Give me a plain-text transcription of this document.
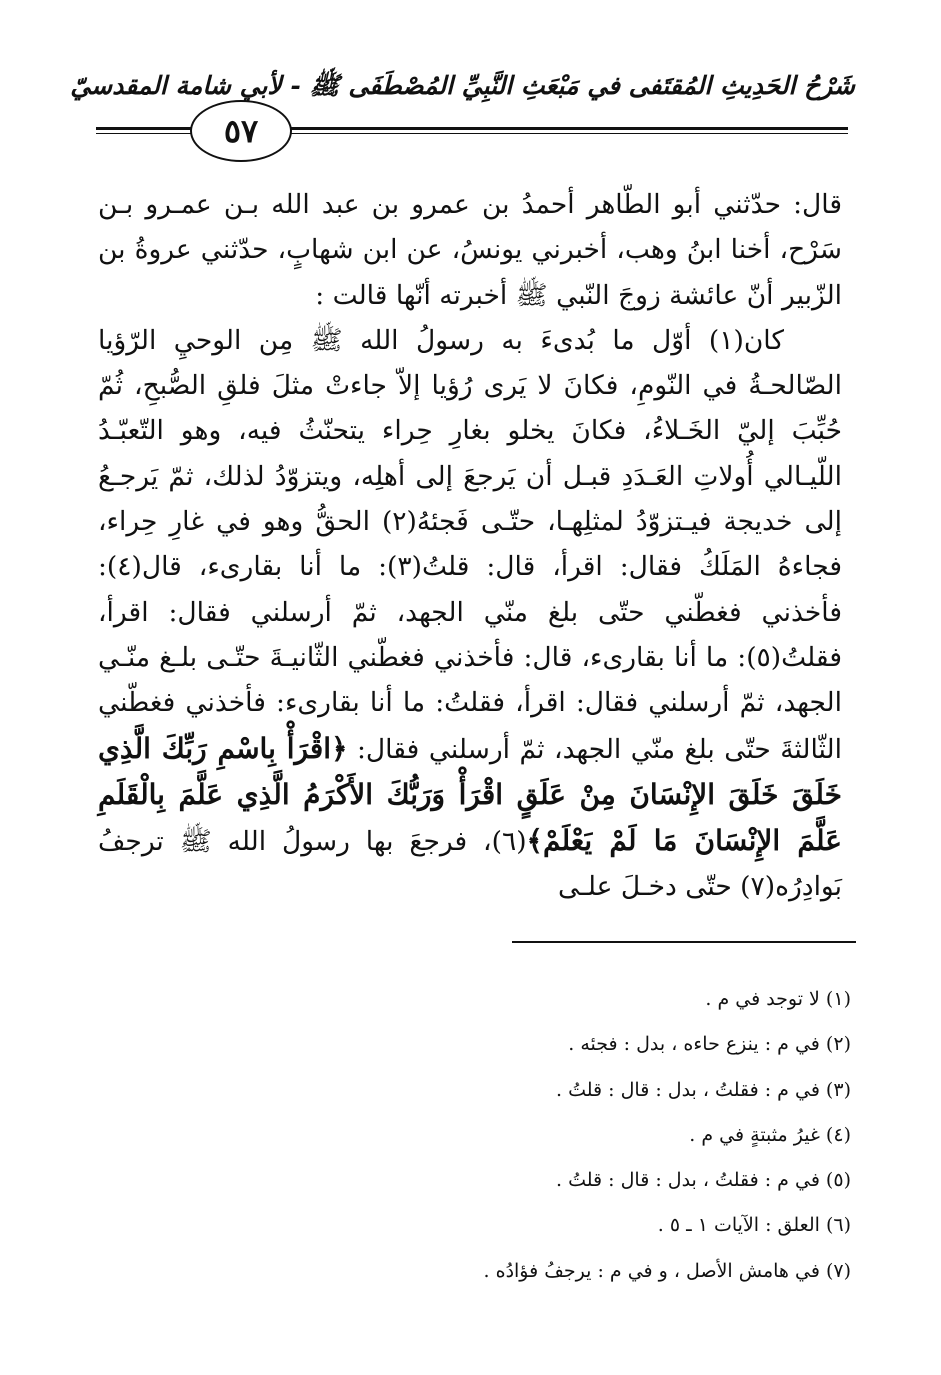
شَرْحُ الحَدِيثِ المُقتَفى في مَبْعَثِ النَّبِيِّ المُصْطَفَى ﷺ - لأبي شامة المقدسيّ
٥٧

قال: حدّثني أبو الطّاهر أحمدُ بن عمرو بن عبد الله بـن عمـرو بـن سَرْح، أخنا ابنُ وهب، أخبرني يونسُ، عن ابن شهابٍ، حدّثني عروةُ بن الزّبير أنّ عائشة زوجَ النّبي ﷺ أخبرته أنّها قالت :

كان(١) أوّل ما بُدىءَ به رسولُ الله ﷺ مِن الوحيِ الرّؤيا الصّالحـةُ في النّومِ، فكانَ لا يَرى رُؤيا إلاّ جاءتْ مثلَ فلقِ الصُّبحِ، ثُمّ حُبِّبَ إليّ الخَـلاءُ، فكانَ يخلو بغارِ حِراء يتحنّثُ فيه، وهو التّعبّـدُ اللّيـالي أُولاتِ العَـدَدِ قبـل أن يَرجعَ إلى أهلِه، ويتزوّدُ لذلك، ثمّ يَرجـعُ إلى خديجة فيـتزوّدُ لمثلِهـا، حتّـى فَجئهُ(٢) الحقُّ وهو في غارِ حِراء، فجاءهُ المَلَكُ فقال: اقرأ، قال: قلتُ(٣): ما أنا بقارىء، قال(٤): فأخذني فغطّني حتّى بلغ منّي الجهد، ثمّ أرسلني فقال: اقرأ، فقلتُ(٥): ما أنا بقارىء، قال: فأخذني فغطّني الثّانيـةَ حتّـى بلـغ منّـي الجهد، ثمّ أرسلني فقال: اقرأ، فقلتُ: ما أنا بقارىء: فأخذني فغطّني الثّالثةَ حتّى بلغ منّي الجهد، ثمّ أرسلني فقال: ﴿اقْرَأْ بِاسْمِ رَبِّكَ الَّذِي خَلَقَ خَلَقَ الإِنْسَانَ مِنْ عَلَقٍ اقْرَأْ وَرَبُّكَ الأَكْرَمُ الَّذِي عَلَّمَ بِالْقَلَمِ عَلَّمَ الإِنْسَانَ مَا لَمْ يَعْلَمْ﴾(٦)، فرجعَ بها رسولُ الله ﷺ ترجفُ بَوادِرُه(٧) حتّى دخـلَ علـى

(١) لا توجد في م .
(٢) في م : ينزع حاءه ، بدل : فجئه .
(٣) في م : فقلتُ ، بدل : قال : قلتُ .
(٤) غيرُ مثبتةٍ في م .
(٥) في م : فقلتُ ، بدل : قال : قلتُ .
(٦) العلق : الآيات ١ ـ ٥ .
(٧) في هامش الأصل ، و في م : يرجفُ فؤادُه .
